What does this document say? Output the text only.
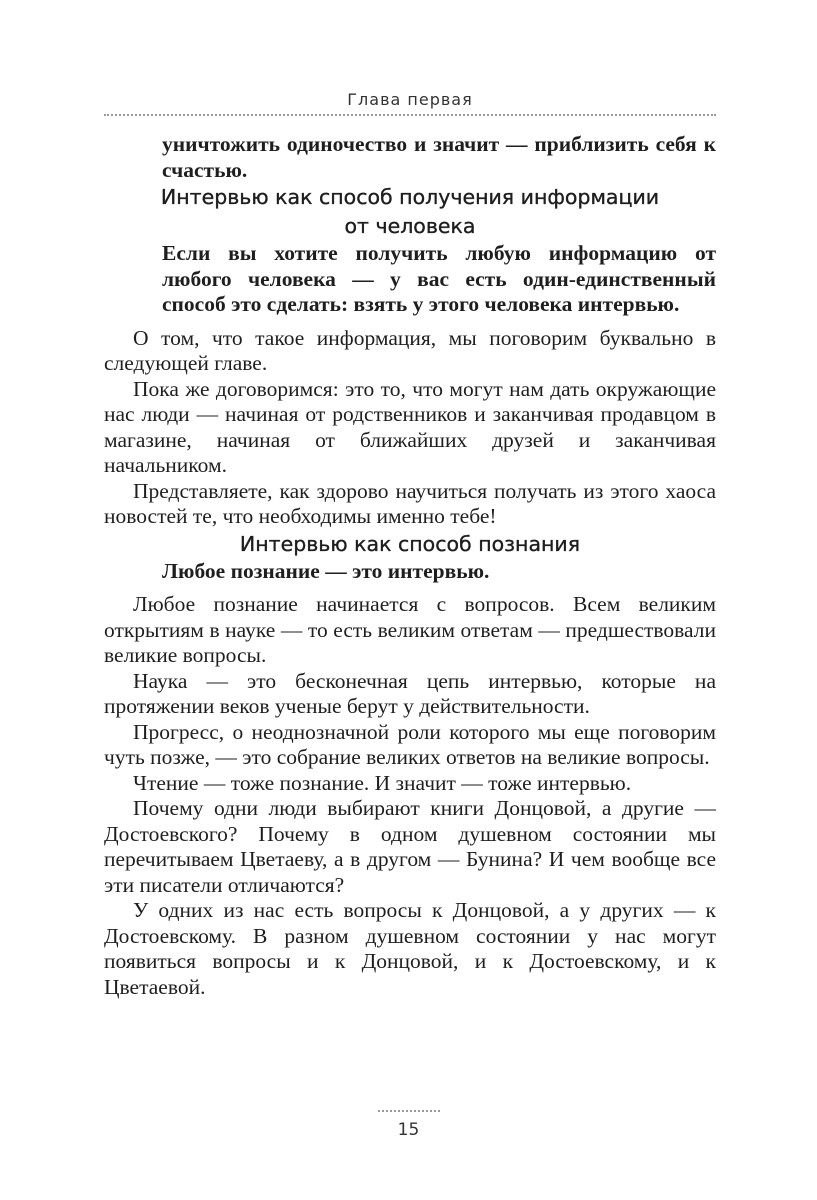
Глава первая

уничтожить одиночество и значит — приблизить себя к счастью.

Интервью как способ получения информации от человека

Если вы хотите получить любую информацию от любого человека — у вас есть один-единственный способ это сделать: взять у этого человека интервью.

О том, что такое информация, мы поговорим буквально в следующей главе.

Пока же договоримся: это то, что могут нам дать окружающие нас люди — начиная от родственников и заканчивая продавцом в магазине, начиная от ближайших друзей и заканчивая начальником.

Представляете, как здорово научиться получать из этого хаоса новостей те, что необходимы именно тебе!

Интервью как способ познания

Любое познание — это интервью.

Любое познание начинается с вопросов. Всем великим открытиям в науке — то есть великим ответам — предшествовали великие вопросы.

Наука — это бесконечная цепь интервью, которые на протяжении веков ученые берут у действительности.

Прогресс, о неоднозначной роли которого мы еще поговорим чуть позже, — это собрание великих ответов на великие вопросы.

Чтение — тоже познание. И значит — тоже интервью.

Почему одни люди выбирают книги Донцовой, а другие — Достоевского? Почему в одном душевном состоянии мы перечитываем Цветаеву, а в другом — Бунина? И чем вообще все эти писатели отличаются?

У одних из нас есть вопросы к Донцовой, а у других — к Достоевскому. В разном душевном состоянии у нас могут появиться вопросы и к Донцовой, и к Достоевскому, и к Цветаевой.

15
